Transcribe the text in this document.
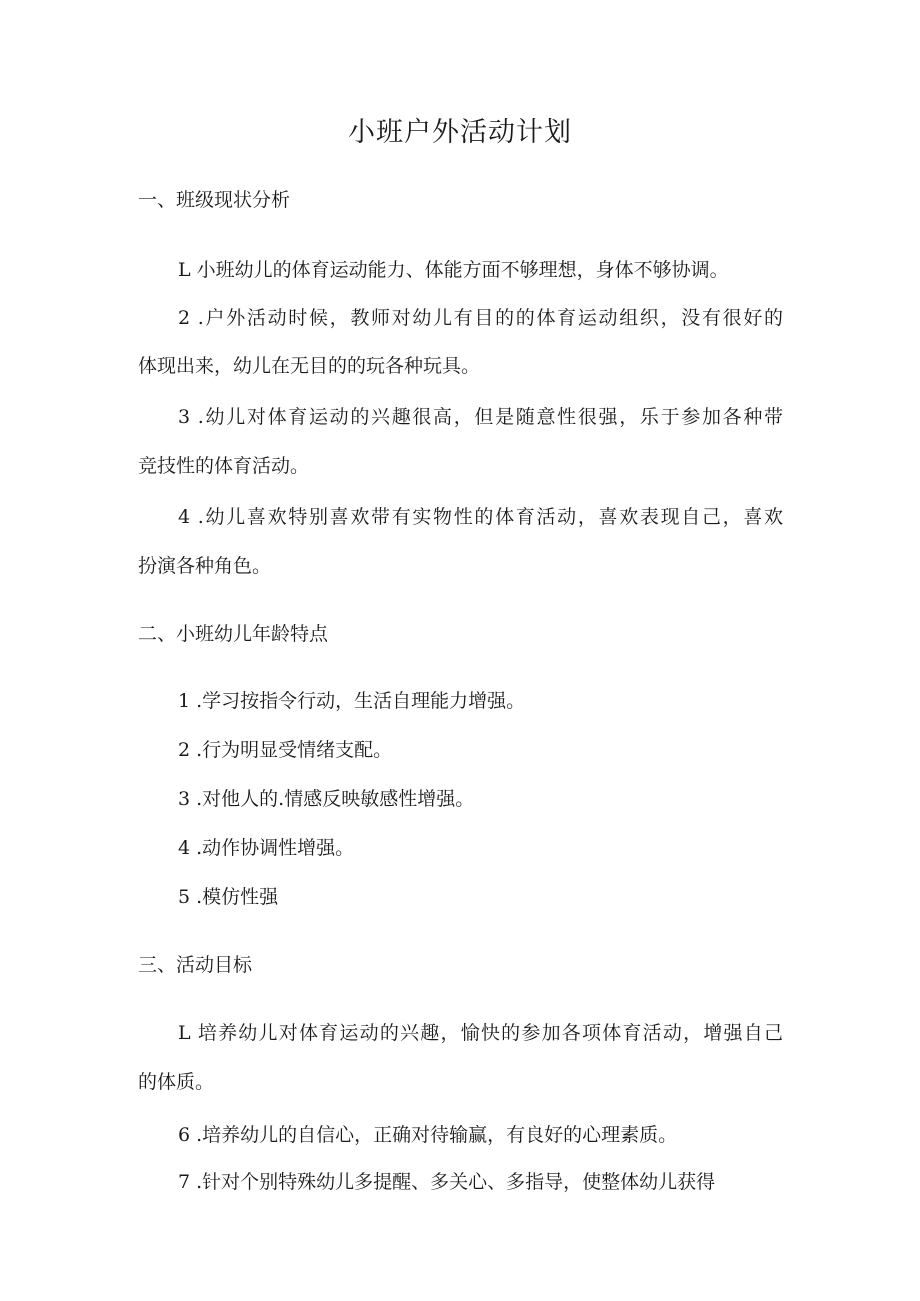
小班户外活动计划
一、班级现状分析
L 小班幼儿的体育运动能力、体能方面不够理想，身体不够协调。
2 .户外活动时候，教师对幼儿有目的的体育运动组织，没有很好的
体现出来，幼儿在无目的的玩各种玩具。
3 .幼儿对体育运动的兴趣很高，但是随意性很强，乐于参加各种带
竞技性的体育活动。
4 .幼儿喜欢特别喜欢带有实物性的体育活动，喜欢表现自己，喜欢
扮演各种角色。
二、小班幼儿年龄特点
1 .学习按指令行动，生活自理能力增强。
2 .行为明显受情绪支配。
3 .对他人的.情感反映敏感性增强。
4 .动作协调性增强。
5 .模仿性强
三、活动目标
L 培养幼儿对体育运动的兴趣，愉快的参加各项体育活动，增强自己
的体质。
6 .培养幼儿的自信心，正确对待输赢，有良好的心理素质。
7 .针对个别特殊幼儿多提醒、多关心、多指导，使整体幼儿获得
